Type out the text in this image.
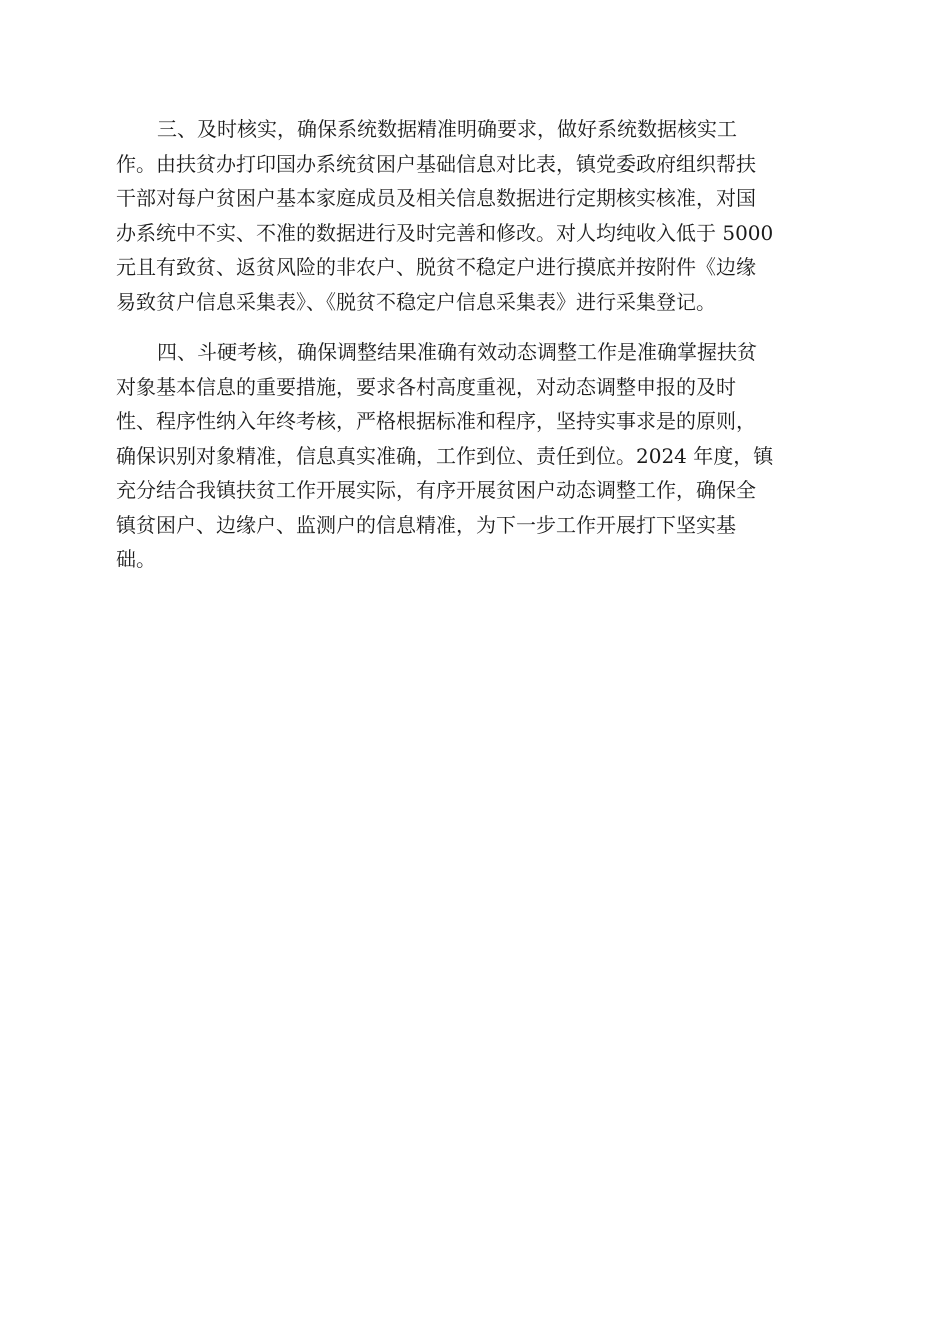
三、及时核实，确保系统数据精准明确要求，做好系统数据核实工
作。由扶贫办打印国办系统贫困户基础信息对比表，镇党委政府组织帮扶
干部对每户贫困户基本家庭成员及相关信息数据进行定期核实核准，对国
办系统中不实、不准的数据进行及时完善和修改。对人均纯收入低于 5000
元且有致贫、返贫风险的非农户、脱贫不稳定户进行摸底并按附件《边缘
易致贫户信息采集表》、《脱贫不稳定户信息采集表》进行采集登记。

四、斗硬考核，确保调整结果准确有效动态调整工作是准确掌握扶贫
对象基本信息的重要措施，要求各村高度重视，对动态调整申报的及时
性、程序性纳入年终考核，严格根据标准和程序，坚持实事求是的原则，
确保识别对象精准，信息真实准确，工作到位、责任到位。2024 年度，镇
充分结合我镇扶贫工作开展实际，有序开展贫困户动态调整工作，确保全
镇贫困户、边缘户、监测户的信息精准，为下一步工作开展打下坚实基
础。
